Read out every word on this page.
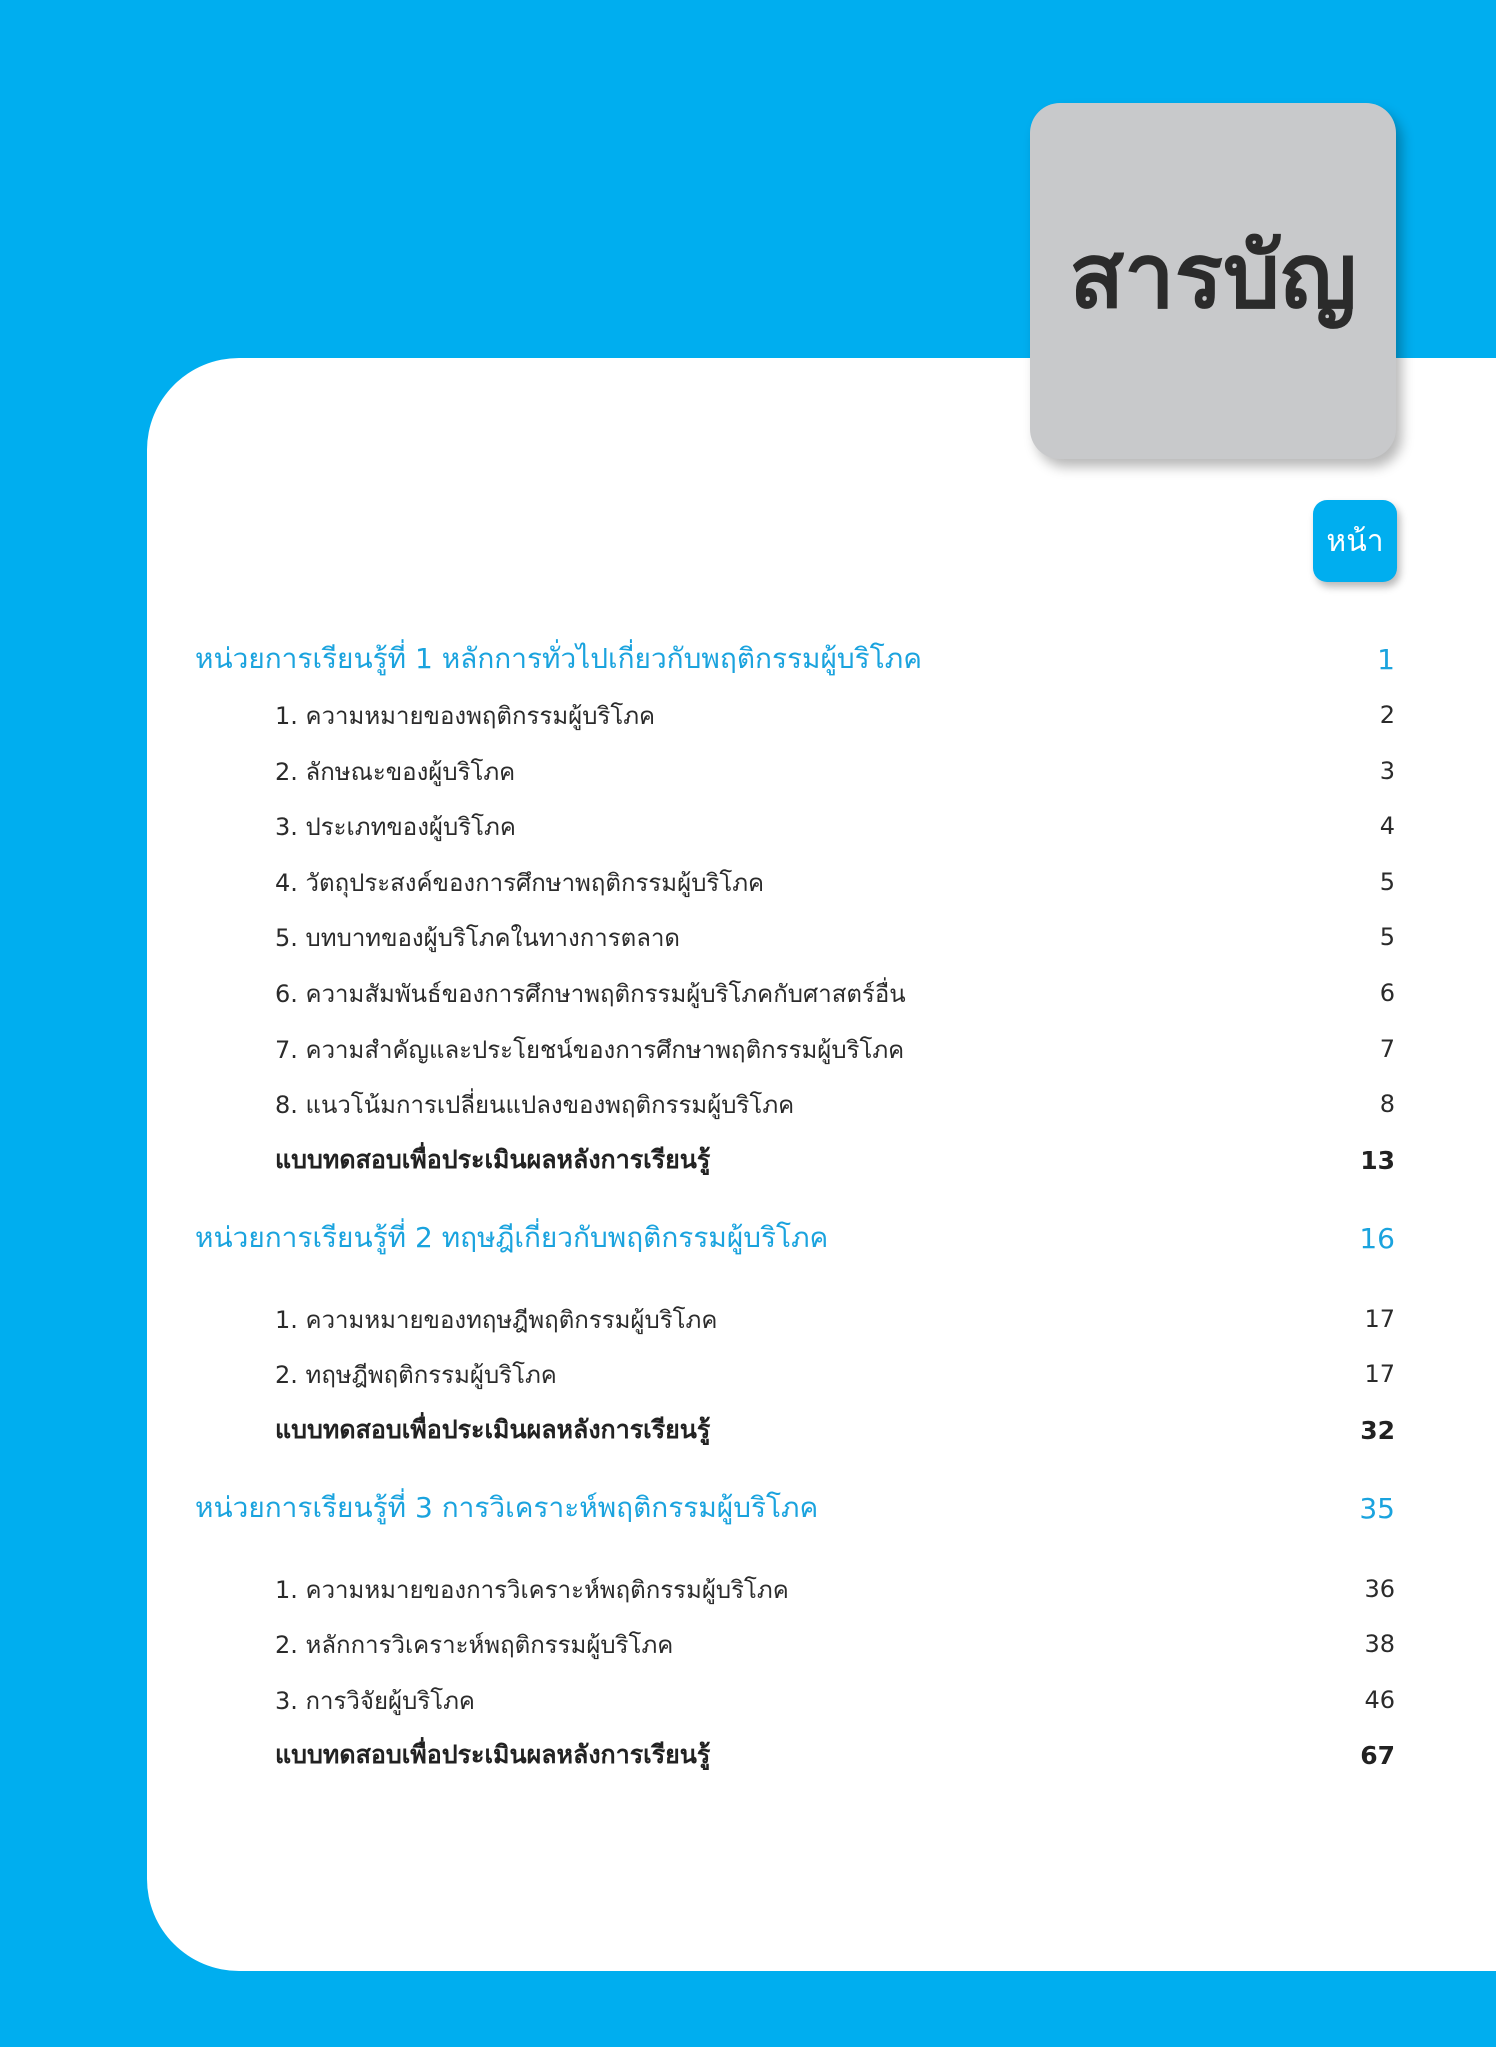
สารบัญ
หน้า
หน่วยการเรียนรู้ที่ 1 หลักการทั่วไปเกี่ยวกับพฤติกรรมผู้บริโภค	1
1. ความหมายของพฤติกรรมผู้บริโภค	2
2. ลักษณะของผู้บริโภค	3
3. ประเภทของผู้บริโภค	4
4. วัตถุประสงค์ของการศึกษาพฤติกรรมผู้บริโภค	5
5. บทบาทของผู้บริโภคในทางการตลาด	5
6. ความสัมพันธ์ของการศึกษาพฤติกรรมผู้บริโภคกับศาสตร์อื่น	6
7. ความสำคัญและประโยชน์ของการศึกษาพฤติกรรมผู้บริโภค	7
8. แนวโน้มการเปลี่ยนแปลงของพฤติกรรมผู้บริโภค	8
แบบทดสอบเพื่อประเมินผลหลังการเรียนรู้	13
หน่วยการเรียนรู้ที่ 2 ทฤษฎีเกี่ยวกับพฤติกรรมผู้บริโภค	16
1. ความหมายของทฤษฎีพฤติกรรมผู้บริโภค	17
2. ทฤษฎีพฤติกรรมผู้บริโภค	17
แบบทดสอบเพื่อประเมินผลหลังการเรียนรู้	32
หน่วยการเรียนรู้ที่ 3 การวิเคราะห์พฤติกรรมผู้บริโภค	35
1. ความหมายของการวิเคราะห์พฤติกรรมผู้บริโภค	36
2. หลักการวิเคราะห์พฤติกรรมผู้บริโภค	38
3. การวิจัยผู้บริโภค	46
แบบทดสอบเพื่อประเมินผลหลังการเรียนรู้	67
